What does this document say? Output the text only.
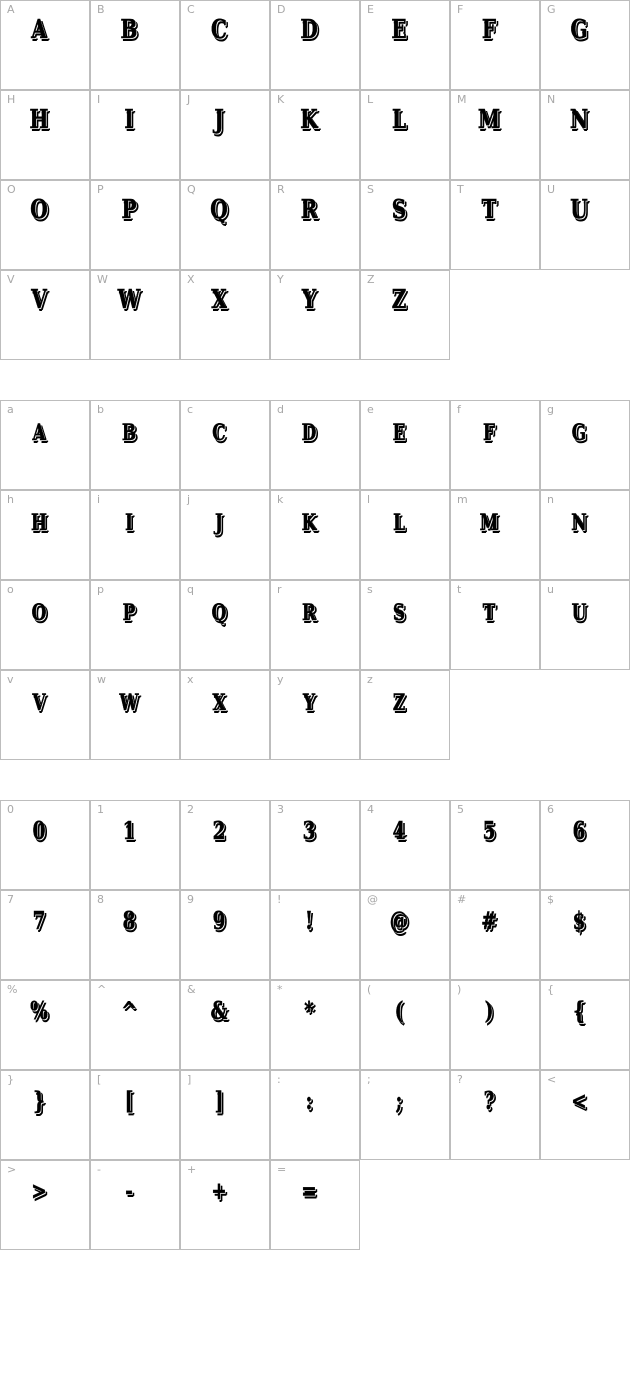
A
A
B
B
C
C
D
D
E
E
F
F
G
G
H
H
I
I
J
J
K
K
L
L
M
M
N
N
O
O
P
P
Q
Q
R
R
S
S
T
T
U
U
V
V
W
W
X
X
Y
Y
Z
Z
a
A
b
B
c
C
d
D
e
E
f
F
g
G
h
H
i
I
j
J
k
K
l
L
m
M
n
N
o
O
p
P
q
Q
r
R
s
S
t
T
u
U
v
V
w
W
x
X
y
Y
z
Z
0
0
1
1
2
2
3
3
4
4
5
5
6
6
7
7
8
8
9
9
!
!
@
@
#
#
$
$
%
%
^
^
&
&
*
*
(
(
)
)
{
{
}
}
[
[
]
]
:
:
;
;
?
?
<
<
>
>
-
-
+
+
=
=
